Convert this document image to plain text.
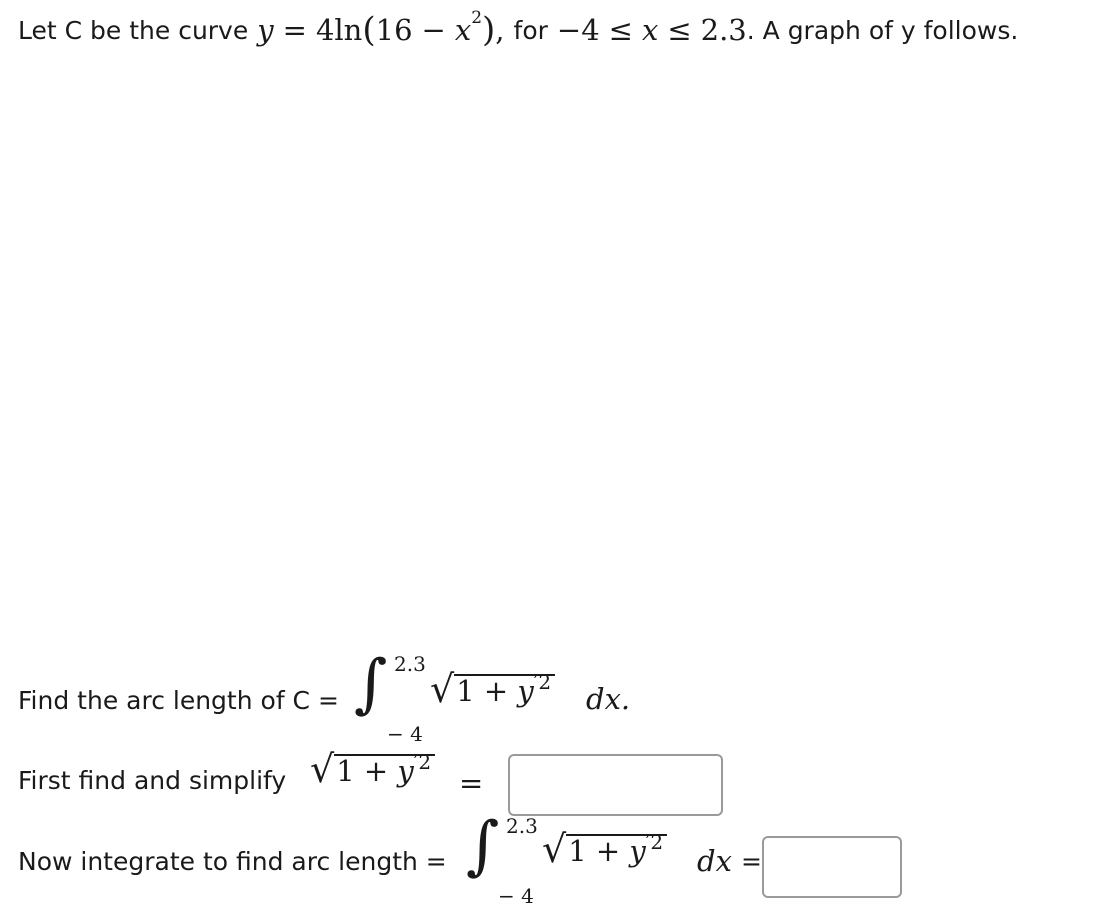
Let C be the curve y = 4 ln ( 16 − x 2 ) , for −4 ≤ x ≤ 2.3 . A graph of y follows.
Find the arc length of C = ∫ 2.3
− 4
√ $1 + y^{'2}$ dx.
First find and simplify √ $1 + y^{'2}$
=
Now integrate to find arc length = ∫ 2.3
− 4
√ $1 + y^{'2}$
dx =
